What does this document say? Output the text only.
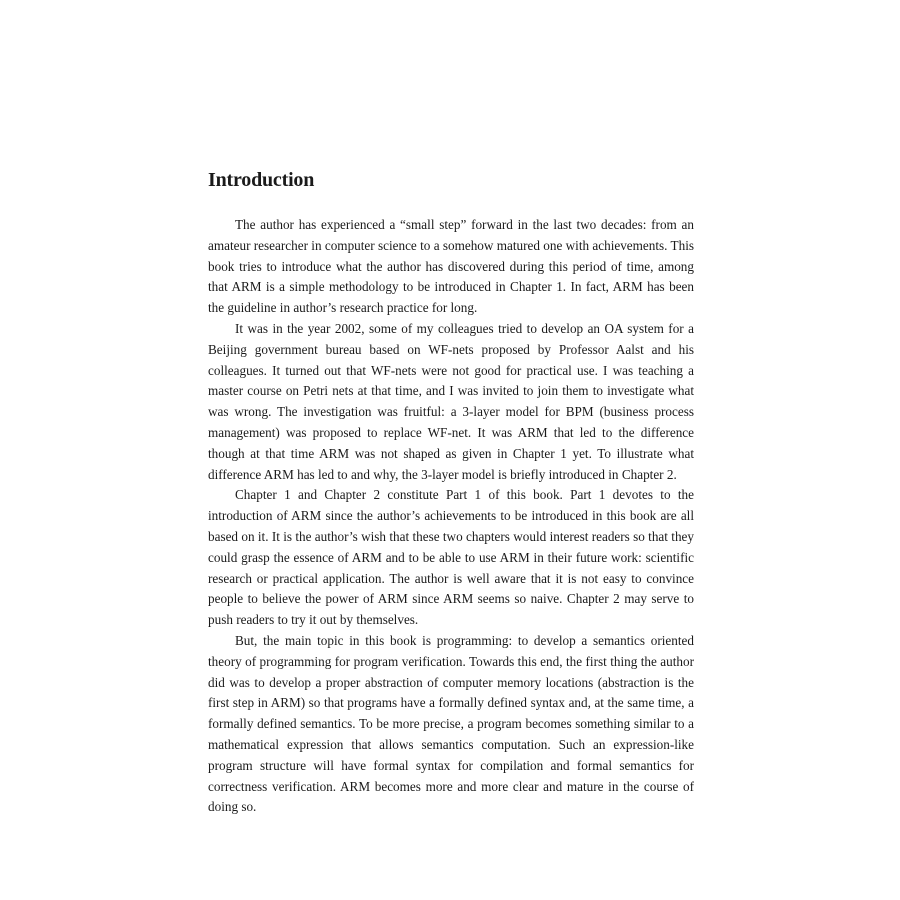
Introduction

The author has experienced a “small step” forward in the last two decades: from an amateur researcher in computer science to a somehow matured one with achievements. This book tries to introduce what the author has discovered during this period of time, among that ARM is a simple methodology to be introduced in Chapter 1. In fact, ARM has been the guideline in author’s research practice for long.

It was in the year 2002, some of my colleagues tried to develop an OA system for a Beijing government bureau based on WF-nets proposed by Professor Aalst and his colleagues. It turned out that WF-nets were not good for practical use. I was teaching a master course on Petri nets at that time, and I was invited to join them to investigate what was wrong. The investigation was fruitful: a 3-layer model for BPM (business process management) was proposed to replace WF-net. It was ARM that led to the difference though at that time ARM was not shaped as given in Chapter 1 yet. To illustrate what difference ARM has led to and why, the 3-layer model is briefly introduced in Chapter 2.

Chapter 1 and Chapter 2 constitute Part 1 of this book. Part 1 devotes to the introduction of ARM since the author’s achievements to be introduced in this book are all based on it. It is the author’s wish that these two chapters would interest readers so that they could grasp the essence of ARM and to be able to use ARM in their future work: scientific research or practical application. The author is well aware that it is not easy to convince people to believe the power of ARM since ARM seems so naive. Chapter 2 may serve to push readers to try it out by themselves.

But, the main topic in this book is programming: to develop a semantics oriented theory of programming for program verification. Towards this end, the first thing the author did was to develop a proper abstraction of computer memory locations (abstraction is the first step in ARM) so that programs have a formally defined syntax and, at the same time, a formally defined semantics. To be more precise, a program becomes something similar to a mathematical expression that allows semantics computation. Such an expression-like program structure will have formal syntax for compilation and formal semantics for correctness verification. ARM becomes more and more clear and mature in the course of doing so.
